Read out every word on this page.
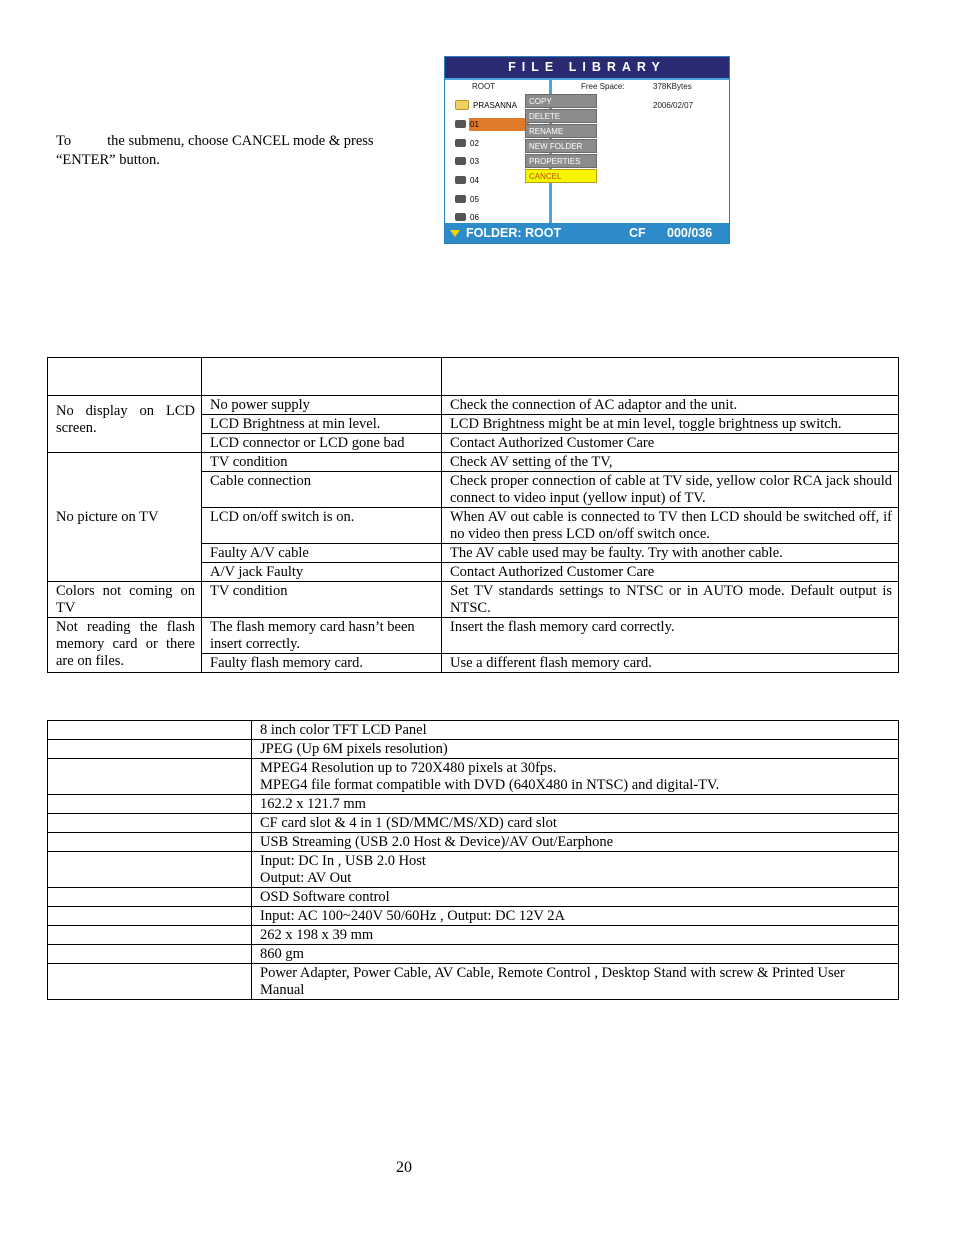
To the submenu, choose CANCEL mode & press “ENTER” button.
FILE LIBRARY
ROOT	Free Space:	378KBytes
2006/02/07
PRASANNA
01
02
03
04
05
06
COPY
DELETE
RENAME
NEW FOLDER
PROPERTIES
CANCEL
FOLDER: ROOT	CF 000/036

No display on LCD screen.	No power supply	Check the connection of AC adaptor and the unit.
	LCD Brightness at min level.	LCD Brightness might be at min level, toggle brightness up switch.
	LCD connector or LCD gone bad	Contact Authorized Customer Care
No picture on TV	TV condition	Check AV setting of the TV,
	Cable connection	Check proper connection of cable at TV side, yellow color RCA jack should connect to video input (yellow input) of TV.
	LCD on/off switch is on.	When AV out cable is connected to TV then LCD should be switched off, if no video then press LCD on/off switch once.
	Faulty A/V cable	The AV cable used may be faulty. Try with another cable.
	A/V jack Faulty	Contact Authorized Customer Care
Colors not coming on TV	TV condition	Set TV standards settings to NTSC or in AUTO mode. Default output is NTSC.
Not reading the flash memory card or there are on files.	The flash memory card hasn’t been insert correctly.	Insert the flash memory card correctly.
	Faulty flash memory card.	Use a different flash memory card.

	8 inch color TFT LCD Panel

	JPEG (Up 6M pixels resolution)

	MPEG4 Resolution up to 720X480 pixels at 30fps.
MPEG4 file format compatible with DVD (640X480 in NTSC) and digital-TV.

	162.2 x 121.7 mm

	CF card slot & 4 in 1 (SD/MMC/MS/XD) card slot

	USB Streaming (USB 2.0 Host & Device)/AV Out/Earphone

	Input: DC In , USB 2.0 Host
Output: AV Out

	OSD Software control

	Input: AC 100~240V 50/60Hz , Output: DC 12V 2A

	262 x 198 x 39 mm

	860 gm

	Power Adapter, Power Cable, AV Cable, Remote Control , Desktop Stand with screw & Printed User Manual
20
